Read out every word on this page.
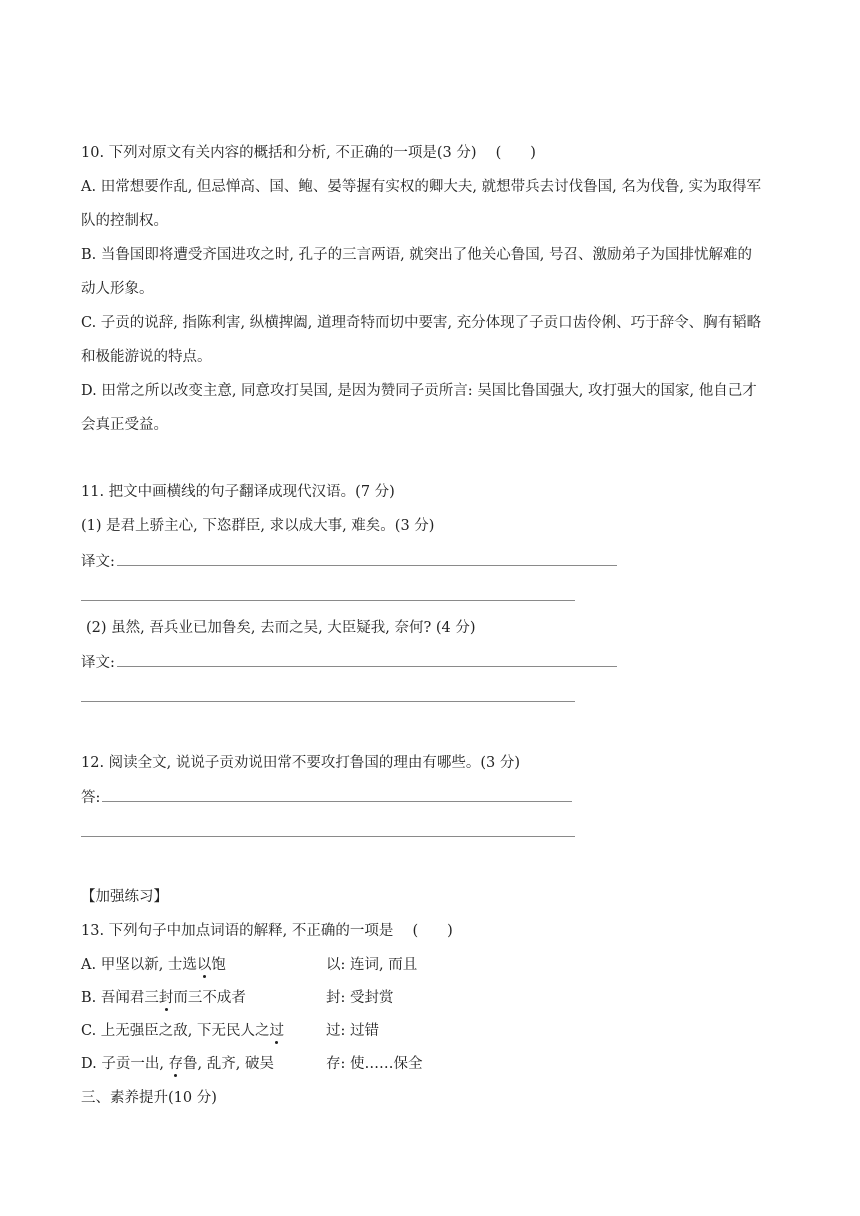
10. 下列对原文有关内容的概括和分析, 不正确的一项是(3 分)　 (　　)
A. 田常想要作乱, 但忌惮高、国、鲍、晏等握有实权的卿大夫, 就想带兵去讨伐鲁国, 名为伐鲁, 实为取得军
队的控制权。
B. 当鲁国即将遭受齐国进攻之时, 孔子的三言两语, 就突出了他关心鲁国, 号召、激励弟子为国排忧解难的
动人形象。
C. 子贡的说辞, 指陈利害, 纵横捭阖, 道理奇特而切中要害, 充分体现了子贡口齿伶俐、巧于辞令、胸有韬略
和极能游说的特点。
D. 田常之所以改变主意, 同意攻打吴国, 是因为赞同子贡所言: 吴国比鲁国强大, 攻打强大的国家, 他自己才
会真正受益。
11. 把文中画横线的句子翻译成现代汉语。(7 分)
(1) 是君上骄主心, 下恣群臣, 求以成大事, 难矣。(3 分)
译文:
(2) 虽然, 吾兵业已加鲁矣, 去而之吴, 大臣疑我, 奈何? (4 分)
译文:
12. 阅读全文, 说说子贡劝说田常不要攻打鲁国的理由有哪些。(3 分)
答:
【加强练习】
13. 下列句子中加点词语的解释, 不正确的一项是　 (　　)
A. 甲坚以新, 士选以饱	以: 连词, 而且
B. 吾闻君三封而三不成者	封: 受封赏
C. 上无强臣之敌, 下无民人之过	过: 过错
D. 子贡一出, 存鲁, 乱齐, 破吴	存: 使……保全
三、素养提升(10 分)
